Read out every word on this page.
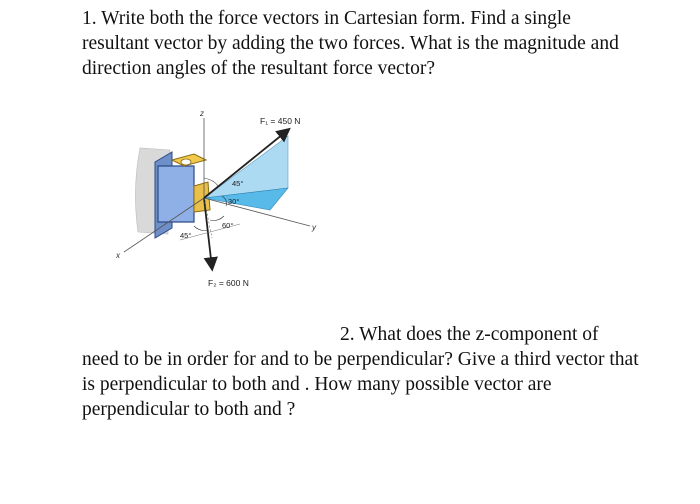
1. Write both the force vectors in Cartesian form. Find a single resultant vector by adding the two forces. What is the magnitude and direction angles of the resultant force vector?

F₁ = 450 N
F₂ = 600 N
45°
30°
60°
45°
z
y
x

2. What does the z-component of
need to be in order for and to be perpendicular? Give a third vector that is perpendicular to both and . How many possible vector are perpendicular to both and ?
